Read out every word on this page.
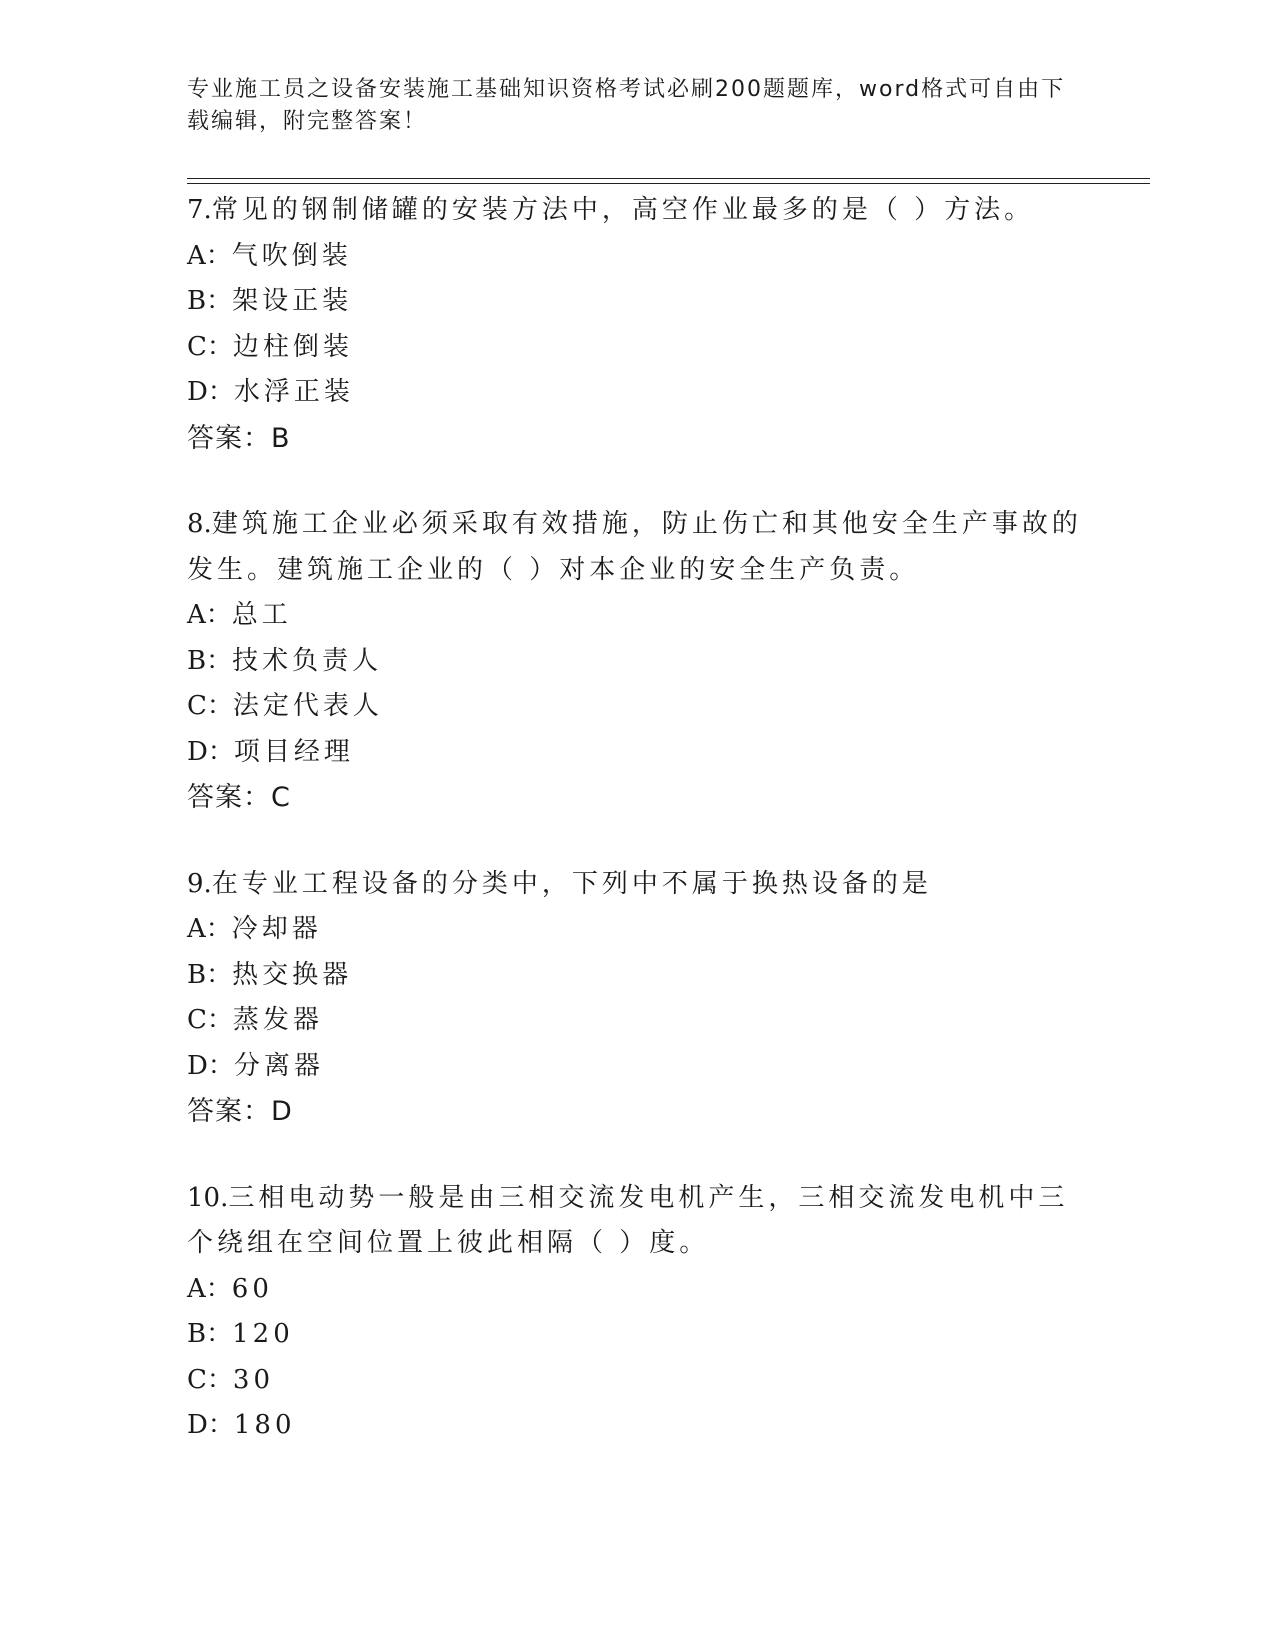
专业施工员之设备安装施工基础知识资格考试必刷200题题库，word格式可自由下载编辑，附完整答案！

7.常见的钢制储罐的安装方法中，高空作业最多的是（ ）方法。

A：气吹倒装
B：架设正装
C：边柱倒装
D：水浮正装
答案：B

8.建筑施工企业必须采取有效措施，防止伤亡和其他安全生产事故的发生。建筑施工企业的（ ）对本企业的安全生产负责。

A：总工
B：技术负责人
C：法定代表人
D：项目经理
答案：C

9.在专业工程设备的分类中，下列中不属于换热设备的是

A：冷却器
B：热交换器
C：蒸发器
D：分离器
答案：D

10.三相电动势一般是由三相交流发电机产生，三相交流发电机中三个绕组在空间位置上彼此相隔（ ）度。

A：60
B：120
C：30
D：180
